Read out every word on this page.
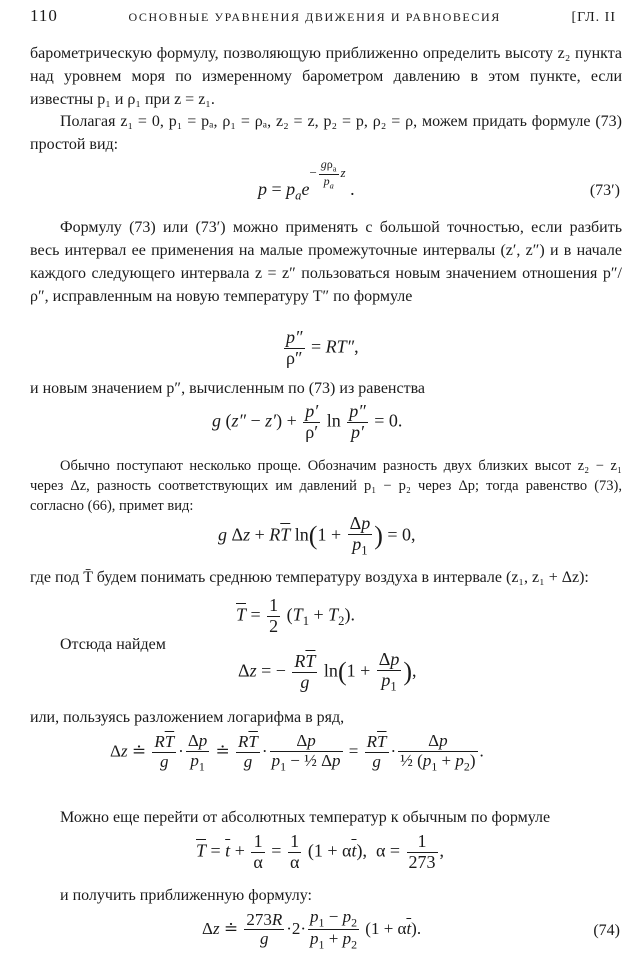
110	ОСНОВНЫЕ УРАВНЕНИЯ ДВИЖЕНИЯ И РАВНОВЕСИЯ	[ГЛ. II

барометрическую формулу, позволяющую приближенно определить высоту z₂ пункта над уровнем моря по измеренному барометром давлению в этом пункте, если известны p₁ и ρ₁ при z = z₁.

Полагая z₁ = 0, p₁ = pₐ, ρ₁ = ρₐ, z₂ = z, p₂ = p, ρ₂ = ρ, можем придать формуле (73) простой вид:

$p = p_ae^{- g\rho_a p_a z}$ .	(73′)

Формулу (73) или (73′) можно применять с большой точностью, если разбить весь интервал ее применения на малые промежуточные интервалы (z′, z″) и в начале каждого следующего интервала z = z″ пользоваться новым значением отношения p″/ρ″, исправленным на новую температуру T″ по формуле

$\frac{p''}{\rho''} = RT''$,

и новым значением p″, вычисленным по (73) из равенства

g $(z'' - z') + \frac{p'}{\rho'}$ $\ln \frac{p''}{p'} = 0$.

Обычно поступают несколько проще. Обозначим разность двух близких высот z₂ − z₁ через Δz, разность соответствующих им давлений p₁ − p₂ через Δp; тогда равенство (73), согласно (66), примет вид:

g $\Delta z + R\overline{T}$ $\ln(1 + \frac{\Delta p}{p_1}$ ) = 0,

где под T̄ будем понимать среднюю температуру воздуха в интервале (z₁, z₁ + Δz):

$\overline{T} = \frac{1}{2} (T_1 + T_2)$.

Отсюда найдем

Δz = − $\frac{R\overline{T}}{g} \ln(1 + \frac{\Delta p}{p_1}$ ),

или, пользуясь разложением логарифма в ряд,

Δz ≐ $\frac{R\overline{T}}{g} \cdot \frac{\Delta p}{p_1}$ ≐ $\frac{R\overline{T}}{g} \cdot \frac{\Delta p}{p_1 - \frac{1}{2} \Delta p} = \frac{R\overline{T}}{g} \cdot \frac{\Delta p}{\frac{1}{2} (p_1 + p_2)}$ .

Можно еще перейти от абсолютных температур к обычным по формуле

$\overline{T} = \overline{t} + \frac{1}{\alpha} = \frac{1}{\alpha} (1 + \alpha\overline{t})$,  $\alpha = \frac{1}{273}$ ,

и получить приближенную формулу:

Δz ≐ $\frac{273R}{g} \cdot 2\cdot \frac{p_1 - p_2}{p_1 + p_2} (1 + \alpha\overline{t})$.	(74)
